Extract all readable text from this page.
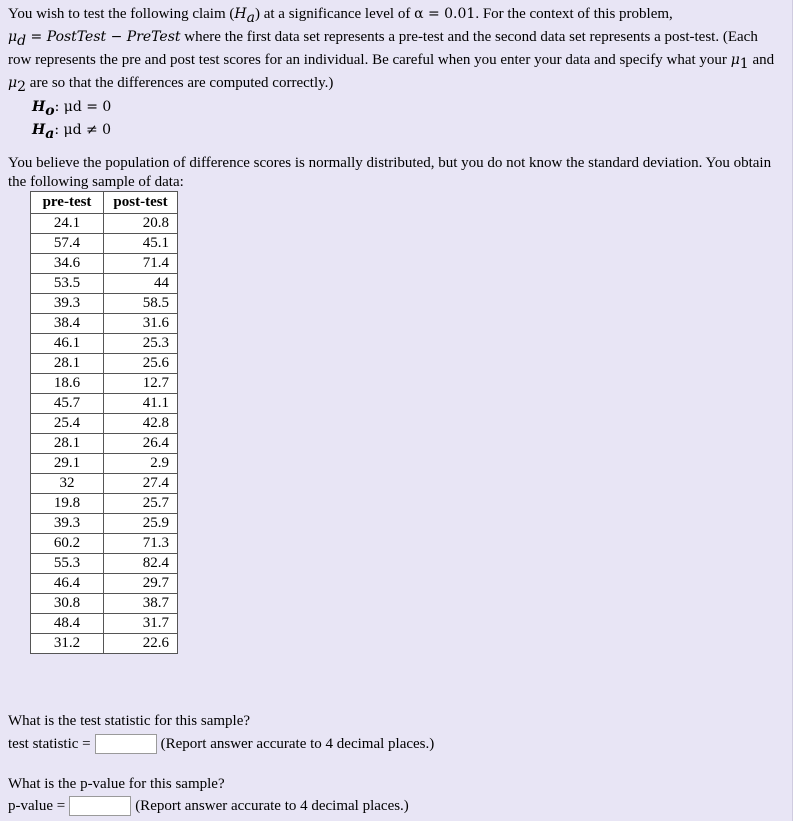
You wish to test the following claim $(H_a)$ at a significance level of α = 0.01. For the context of this problem,
$\mu_d$ = PostTest − PreTest where the first data set represents a pre-test and the second data set represents a post-test. (Each row represents the pre and post test scores for an individual. Be careful when you enter your data and specify what your $\mu_1$ and $\mu_2$ are so that the differences are computed correctly.)
$H_o$: μd = 0
$H_a$: μd ≠ 0
You believe the population of difference scores is normally distributed, but you do not know the standard deviation. You obtain the following sample of data:
pre-test	post-test
24.1	20.8
57.4	45.1
34.6	71.4
53.5	44
39.3	58.5
38.4	31.6
46.1	25.3
28.1	25.6
18.6	12.7
45.7	41.1
25.4	42.8
28.1	26.4
29.1	2.9
32	27.4
19.8	25.7
39.3	25.9
60.2	71.3
55.3	82.4
46.4	29.7
30.8	38.7
48.4	31.7
31.2	22.6
What is the test statistic for this sample?
test statistic =	(Report answer accurate to 4 decimal places.)
What is the p-value for this sample?
p-value =	(Report answer accurate to 4 decimal places.)
